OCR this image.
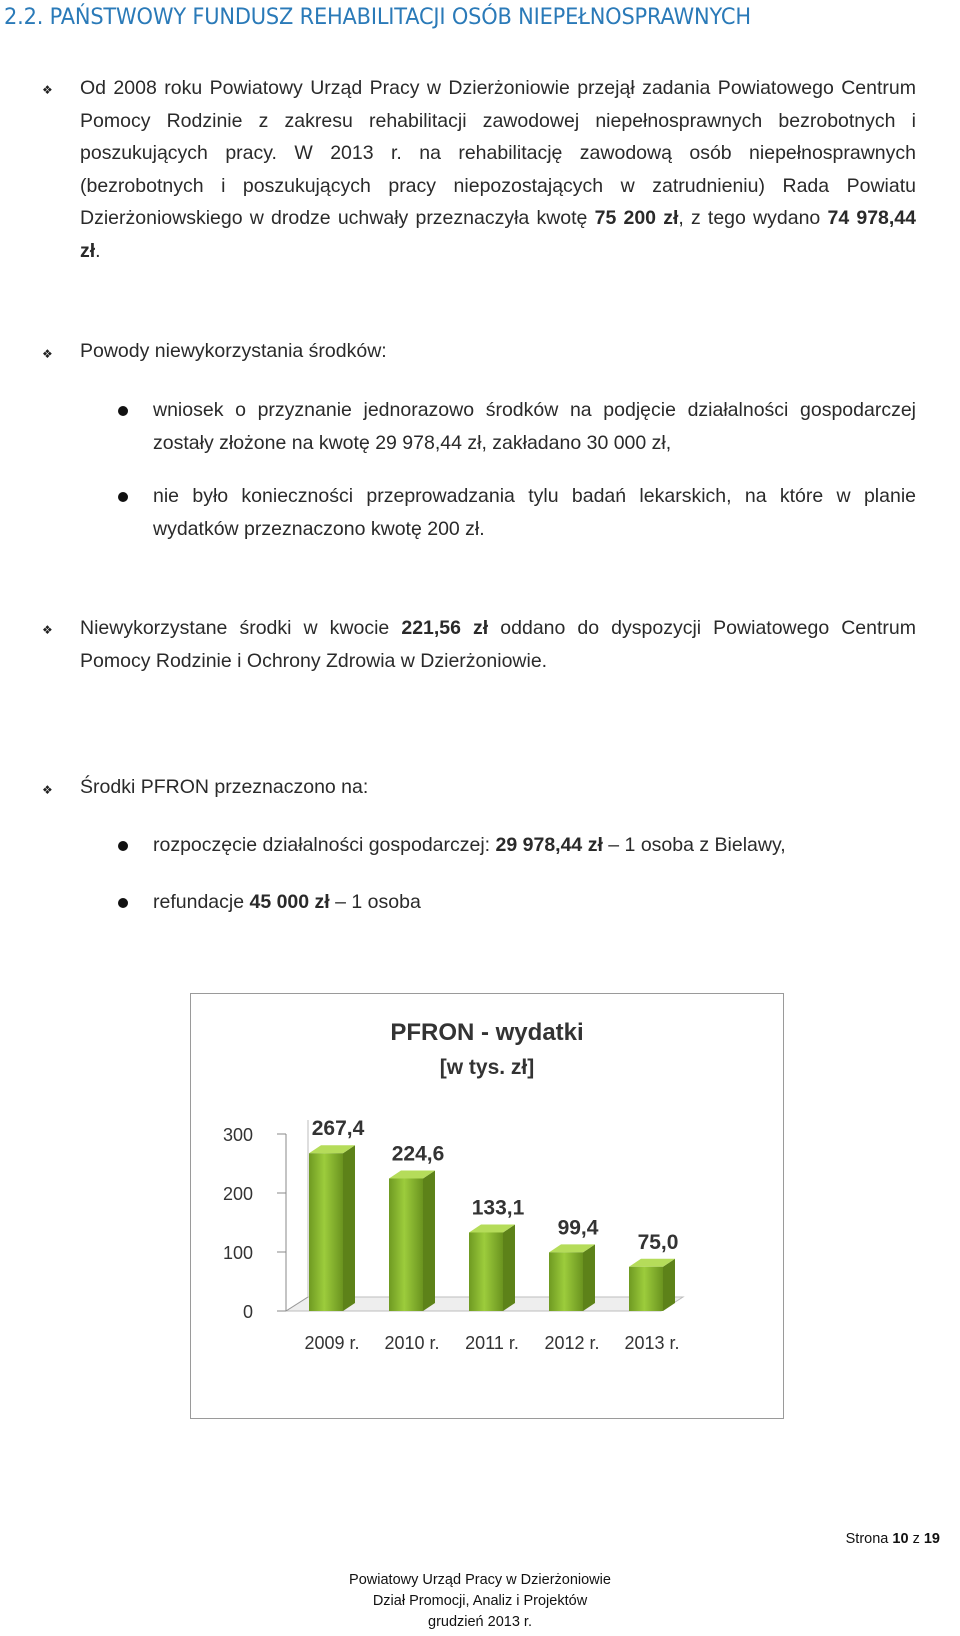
2.2. PAŃSTWOWY FUNDUSZ REHABILITACJI OSÓB NIEPEŁNOSPRAWNYCH
❖ Od 2008 roku Powiatowy Urząd Pracy w Dzierżoniowie przejął zadania Powiatowego Centrum Pomocy Rodzinie z zakresu rehabilitacji zawodowej niepełnosprawnych bezrobotnych i poszukujących pracy. W 2013 r. na rehabilitację zawodową osób niepełnosprawnych (bezrobotnych i poszukujących pracy niepozostających w zatrudnieniu) Rada Powiatu Dzierżoniowskiego w drodze uchwały przeznaczyła kwotę 75 200 zł, z tego wydano 74 978,44 zł.
❖ Powody niewykorzystania środków:
wniosek o przyznanie jednorazowo środków na podjęcie działalności gospodarczej zostały złożone na kwotę 29 978,44 zł, zakładano 30 000 zł,
nie było konieczności przeprowadzania tylu badań lekarskich, na które w planie wydatków przeznaczono kwotę 200 zł.
❖ Niewykorzystane środki w kwocie 221,56 zł oddano do dyspozycji Powiatowego Centrum Pomocy Rodzinie i Ochrony Zdrowia w Dzierżoniowie.
❖ Środki PFRON przeznaczono na:
rozpoczęcie działalności gospodarczej: 29 978,44 zł – 1 osoba z Bielawy,
refundacje 45 000 zł – 1 osoba
PFRON - wydatki
[w tys. zł]
0
100
200
300	267,4
224,6
133,1
99,4
75,0
2009 r. 2010 r. 2011 r. 2012 r. 2013 r.
Strona 10 z 19
Powiatowy Urząd Pracy w Dzierżoniowie
Dział Promocji, Analiz i Projektów
grudzień 2013 r.
